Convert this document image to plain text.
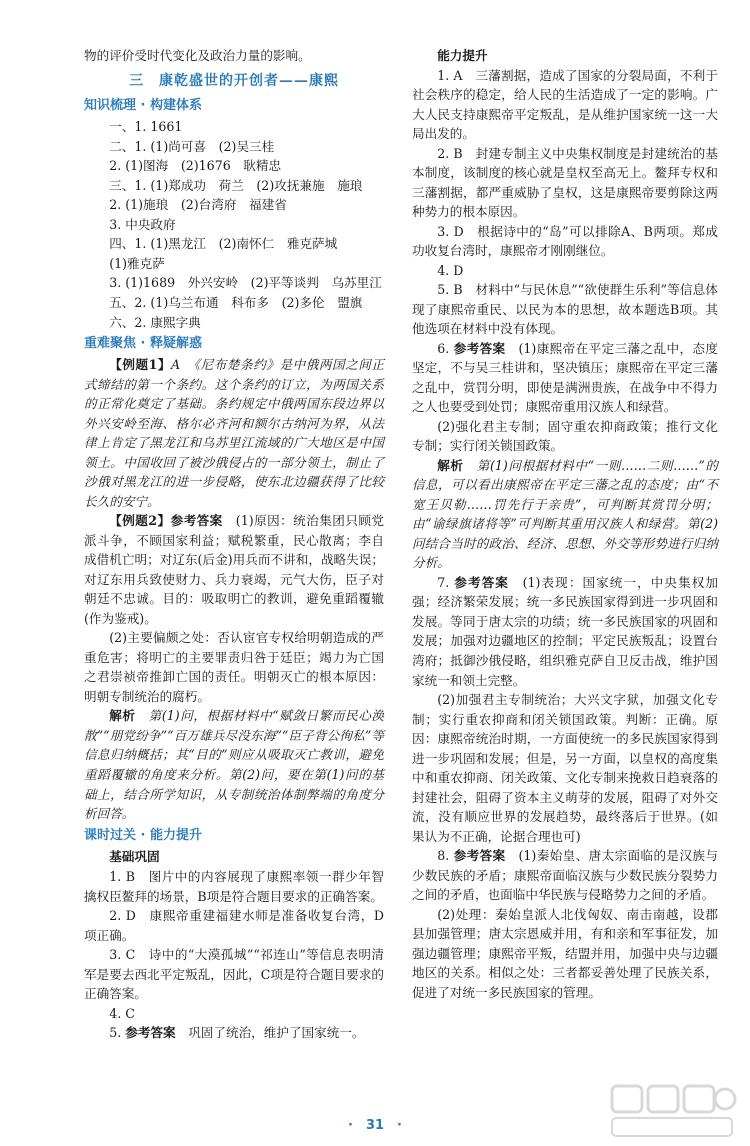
物的评价受时代变化及政治力量的影响。

三　康乾盛世的开创者——康熙
知识梳理 · 构建体系

一、1. 1661

二、1. (1)尚可喜　(2)吴三桂

2. (1)图海　(2)1676　耿精忠

三、1. (1)郑成功　荷兰　(2)攻抚兼施　施琅

2. (1)施琅　(2)台湾府　福建省

3. 中央政府

四、1. (1)黑龙江　(2)南怀仁　雅克萨城

(1)雅克萨

3. (1)1689　外兴安岭　(2)平等谈判　乌苏里江

五、2. (1)乌兰布通　科布多　(2)多伦　盟旗

六、2. 康熙字典

重难聚焦 · 释疑解惑

【例题1】A　《尼布楚条约》是中俄两国之间正式缔结的第一个条约。这个条约的订立，为两国关系的正常化奠定了基础。条约规定中俄两国东段边界以外兴安岭至海、格尔必齐河和额尔古纳河为界，从法律上肯定了黑龙江和乌苏里江流域的广大地区是中国领土。中国收回了被沙俄侵占的一部分领土，制止了沙俄对黑龙江的进一步侵略，使东北边疆获得了比较长久的安宁。

【例题2】参考答案　 (1)原因：统治集团只顾党派斗争，不顾国家利益；赋税繁重，民心散离；李自成借机亡明；对辽东(后金)用兵而不讲和，战略失误；对辽东用兵致使财力、兵力衰竭，元气大伤，臣子对朝廷不忠诚。目的：吸取明亡的教训，避免重蹈覆辙(作为鉴戒)。

(2)主要偏颇之处：否认宦官专权给明朝造成的严重危害；将明亡的主要罪责归咎于廷臣；竭力为亡国之君崇祯帝推卸亡国的责任。明朝灭亡的根本原因：明朝专制统治的腐朽。

解析　 第(1)问，根据材料中“赋敛日繁而民心涣散”“朋党纷争”“百万雄兵尽没东海”“臣子背公徇私”等信息归纳概括；其“目的”则应从吸取灭亡教训，避免重蹈覆辙的角度来分析。第(2)问，要在第(1)问的基础上，结合所学知识，从专制统治体制弊端的角度分析回答。

课时过关 · 能力提升
基础巩固

1. B　图片中的内容展现了康熙率领一群少年智擒权臣鳌拜的场景，B项是符合题目要求的正确答案。

2. D　康熙帝重建福建水师是准备收复台湾，D项正确。

3. C　诗中的“大漠孤城”“祁连山”等信息表明清军是要去西北平定叛乱，因此，C项是符合题目要求的正确答案。

4. C

5. 参考答案　 巩固了统治，维护了国家统一。

能力提升

1. A　三藩割据，造成了国家的分裂局面，不利于社会秩序的稳定，给人民的生活造成了一定的影响。广大人民支持康熙帝平定叛乱，是从维护国家统一这一大局出发的。

2. B　封建专制主义中央集权制度是封建统治的基本制度，该制度的核心就是皇权至高无上。鳌拜专权和三藩割据，都严重威胁了皇权，这是康熙帝要剪除这两种势力的根本原因。

3. D　根据诗中的“岛”可以排除A、B两项。郑成功收复台湾时，康熙帝才刚刚继位。

4. D

5. B　材料中“与民休息”“欲使群生乐利”等信息体现了康熙帝重民、以民为本的思想，故本题选B项。其他选项在材料中没有体现。

6. 参考答案　 (1)康熙帝在平定三藩之乱中，态度坚定，不与吴三桂讲和，坚决镇压；康熙帝在平定三藩之乱中，赏罚分明，即使是满洲贵族，在战争中不得力之人也要受到处罚；康熙帝重用汉族人和绿营。

(2)强化君主专制；固守重农抑商政策；推行文化专制；实行闭关锁国政策。

解析　 第(1)问根据材料中“一则……二则……”的信息，可以看出康熙帝在平定三藩之乱的态度；由“不宽王贝勒……罚先行于亲贵”，可判断其赏罚分明；由“谕绿旗诸将等”可判断其重用汉族人和绿营。第(2)问结合当时的政治、经济、思想、外交等形势进行归纳分析。

7. 参考答案　 (1)表现：国家统一，中央集权加强；经济繁荣发展；统一多民族国家得到进一步巩固和发展。等同于唐太宗的功绩；统一多民族国家的巩固和发展；加强对边疆地区的控制；平定民族叛乱；设置台湾府；抵御沙俄侵略，组织雅克萨自卫反击战，维护国家统一和领土完整。

(2)加强君主专制统治；大兴文字狱，加强文化专制；实行重农抑商和闭关锁国政策。判断：正确。原因：康熙帝统治时期，一方面使统一的多民族国家得到进一步巩固和发展；但是，另一方面，以皇权的高度集中和重农抑商、闭关政策、文化专制来挽救日趋衰落的封建社会，阻碍了资本主义萌芽的发展，阻碍了对外交流，没有顺应世界的发展趋势，最终落后于世界。(如果认为不正确，论据合理也可)

8. 参考答案　 (1)秦始皇、唐太宗面临的是汉族与少数民族的矛盾；康熙帝面临汉族与少数民族分裂势力之间的矛盾，也面临中华民族与侵略势力之间的矛盾。

(2)处理：秦始皇派人北伐匈奴、南击南越，设郡县加强管理；唐太宗恩威并用，有和亲和军事征发，加强边疆管理；康熙帝平叛，结盟并用，加强中央与边疆地区的关系。相似之处：三者都妥善处理了民族关系，促进了对统一多民族国家的管理。

·　31　·
